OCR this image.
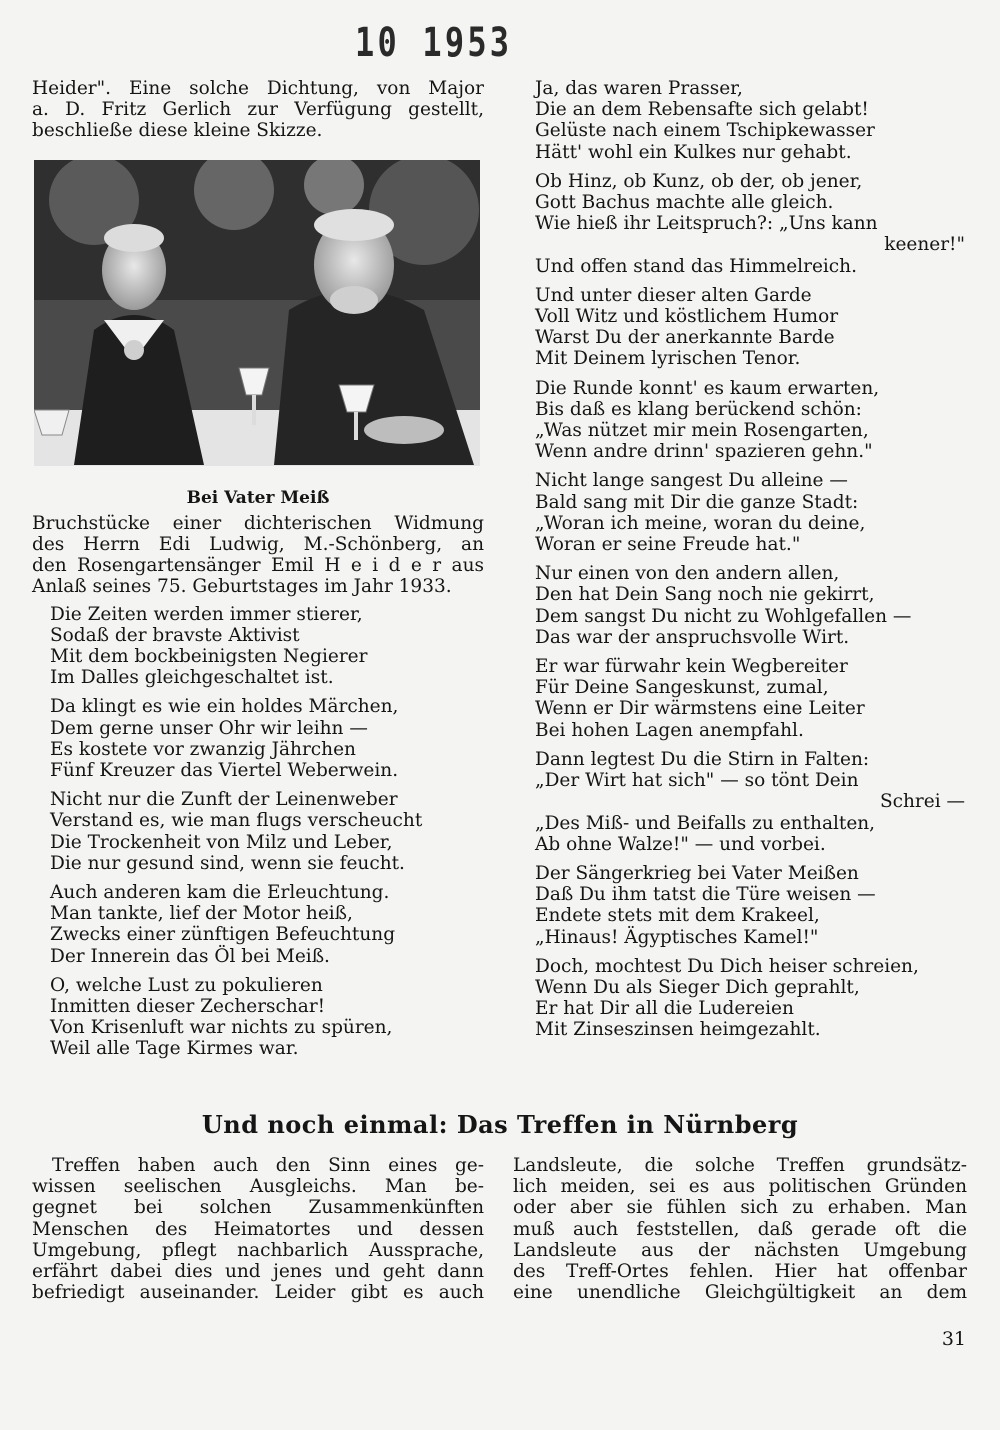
10 1953
Heider". Eine solche Dichtung, von Major
a. D. Fritz Gerlich zur Verfügung gestellt,
beschließe diese kleine Skizze.
Bei Vater Meiß
Bruchstücke einer dichterischen Widmung
des Herrn Edi Ludwig, M.-Schönberg, an
den Rosengartensänger Emil H e i d e r aus
Anlaß seines 75. Geburtstages im Jahr 1933.
Die Zeiten werden immer stierer,
Sodaß der bravste Aktivist
Mit dem bockbeinigsten Negierer
Im Dalles gleichgeschaltet ist.
Da klingt es wie ein holdes Märchen,
Dem gerne unser Ohr wir leihn —
Es kostete vor zwanzig Jährchen
Fünf Kreuzer das Viertel Weberwein.
Nicht nur die Zunft der Leinenweber
Verstand es, wie man flugs verscheucht
Die Trockenheit von Milz und Leber,
Die nur gesund sind, wenn sie feucht.
Auch anderen kam die Erleuchtung.
Man tankte, lief der Motor heiß,
Zwecks einer zünftigen Befeuchtung
Der Innerein das Öl bei Meiß.
O, welche Lust zu pokulieren
Inmitten dieser Zecherschar!
Von Krisenluft war nichts zu spüren,
Weil alle Tage Kirmes war.
Ja, das waren Prasser,
Die an dem Rebensafte sich gelabt!
Gelüste nach einem Tschipkewasser
Hätt' wohl ein Kulkes nur gehabt.
Ob Hinz, ob Kunz, ob der, ob jener,
Gott Bachus machte alle gleich.
Wie hieß ihr Leitspruch?: „Uns kann
keener!"
Und offen stand das Himmelreich.
Und unter dieser alten Garde
Voll Witz und köstlichem Humor
Warst Du der anerkannte Barde
Mit Deinem lyrischen Tenor.
Die Runde konnt' es kaum erwarten,
Bis daß es klang berückend schön:
„Was nützet mir mein Rosengarten,
Wenn andre drinn' spazieren gehn."
Nicht lange sangest Du alleine —
Bald sang mit Dir die ganze Stadt:
„Woran ich meine, woran du deine,
Woran er seine Freude hat."
Nur einen von den andern allen,
Den hat Dein Sang noch nie gekirrt,
Dem sangst Du nicht zu Wohlgefallen —
Das war der anspruchsvolle Wirt.
Er war fürwahr kein Wegbereiter
Für Deine Sangeskunst, zumal,
Wenn er Dir wärmstens eine Leiter
Bei hohen Lagen anempfahl.
Dann legtest Du die Stirn in Falten:
„Der Wirt hat sich" — so tönt Dein
Schrei —
„Des Miß- und Beifalls zu enthalten,
Ab ohne Walze!" — und vorbei.
Der Sängerkrieg bei Vater Meißen
Daß Du ihm tatst die Türe weisen —
Endete stets mit dem Krakeel,
„Hinaus! Ägyptisches Kamel!"
Doch, mochtest Du Dich heiser schreien,
Wenn Du als Sieger Dich geprahlt,
Er hat Dir all die Ludereien
Mit Zinseszinsen heimgezahlt.
Und noch einmal: Das Treffen in Nürnberg
Treffen haben auch den Sinn eines ge-
wissen seelischen Ausgleichs. Man be-
gegnet bei solchen Zusammenkünften
Menschen des Heimatortes und dessen
Umgebung, pflegt nachbarlich Aussprache,
erfährt dabei dies und jenes und geht dann
befriedigt auseinander. Leider gibt es auch
Landsleute, die solche Treffen grundsätz-
lich meiden, sei es aus politischen Gründen
oder aber sie fühlen sich zu erhaben. Man
muß auch feststellen, daß gerade oft die
Landsleute aus der nächsten Umgebung
des Treff-Ortes fehlen. Hier hat offenbar
eine unendliche Gleichgültigkeit an dem
31
